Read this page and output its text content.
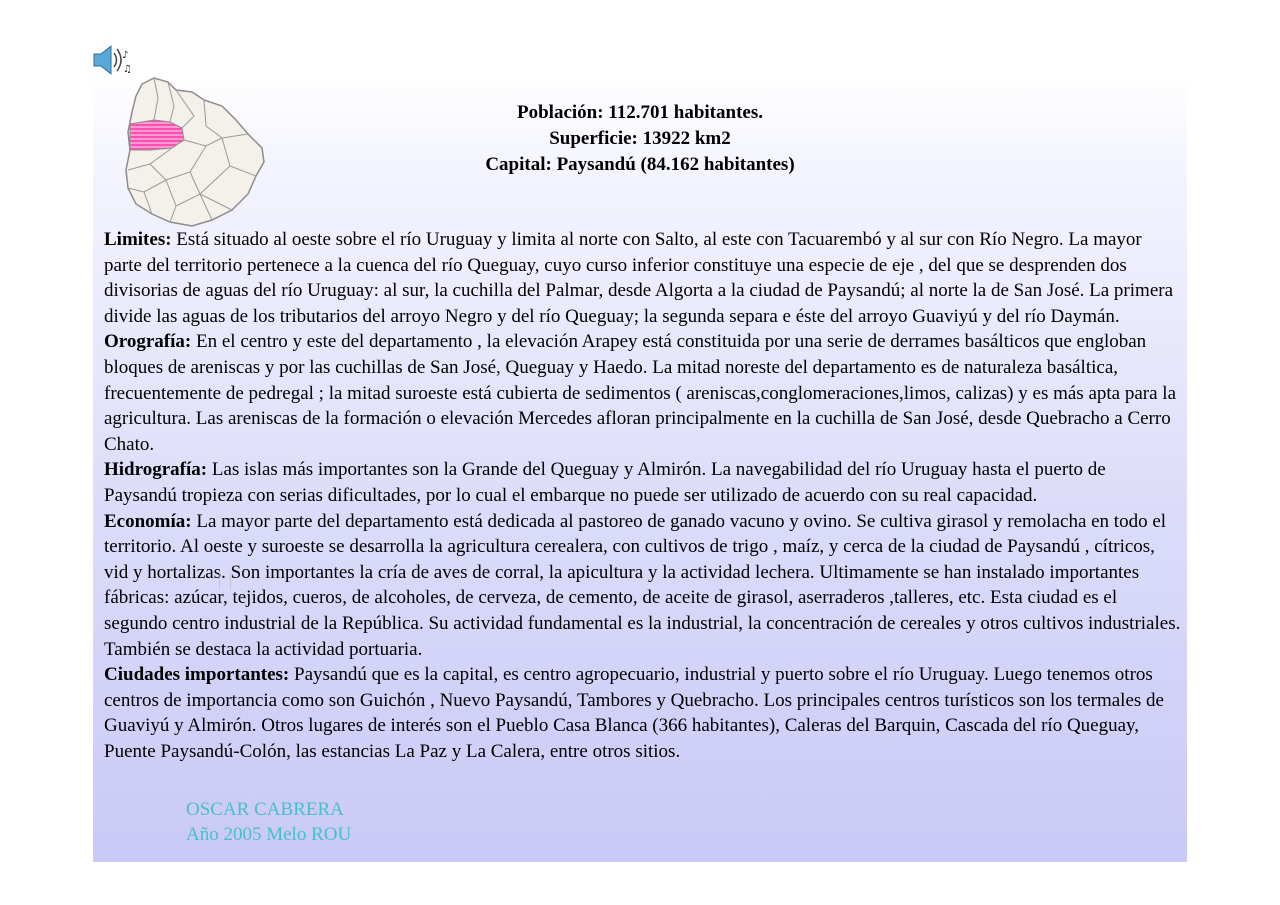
♪
♫
Población: 112.701 habitantes.
Superficie: 13922 km2
Capital: Paysandú (84.162 habitantes)

Limites: Está situado al oeste sobre el río Uruguay y limita al norte con Salto, al este con Tacuarembó y al sur con Río Negro. La mayor parte del territorio pertenece a la cuenca del río Queguay, cuyo curso inferior constituye una especie de eje , del que se desprenden dos divisorias de aguas del río Uruguay: al sur, la cuchilla del Palmar, desde Algorta a la ciudad de Paysandú; al norte la de San José. La primera divide las aguas de los tributarios del arroyo Negro y del río Queguay; la segunda separa e éste del arroyo Guaviyú y del río Daymán.

Orografía: En el centro y este del departamento , la elevación Arapey está constituida por una serie de derrames basálticos que engloban bloques de areniscas y por las cuchillas de San José, Queguay y Haedo. La mitad noreste del departamento es de naturaleza basáltica, frecuentemente de pedregal ; la mitad suroeste está cubierta de sedimentos ( areniscas,conglomeraciones,limos, calizas) y es más apta para la agricultura. Las areniscas de la formación o elevación Mercedes afloran principalmente en la cuchilla de San José, desde Quebracho a Cerro Chato.

Hidrografía: Las islas más importantes son la Grande del Queguay y Almirón. La navegabilidad del río Uruguay hasta el puerto de Paysandú tropieza con serias dificultades, por lo cual el embarque no puede ser utilizado de acuerdo con su real capacidad.

Economía: La mayor parte del departamento está dedicada al pastoreo de ganado vacuno y ovino. Se cultiva girasol y remolacha en todo el territorio. Al oeste y suroeste se desarrolla la agricultura cerealera, con cultivos de trigo , maíz, y cerca de la ciudad de Paysandú , cítricos, vid y hortalizas. Son importantes la cría de aves de corral, la apicultura y la actividad lechera. Ultimamente se han instalado importantes fábricas: azúcar, tejidos, cueros, de alcoholes, de cerveza, de cemento, de aceite de girasol, aserraderos ,talleres, etc. Esta ciudad es el segundo centro industrial de la República. Su actividad fundamental es la industrial, la concentración de cereales y otros cultivos industriales. También se destaca la actividad portuaria.

Ciudades importantes: Paysandú que es la capital, es centro agropecuario, industrial y puerto sobre el río Uruguay. Luego tenemos otros centros de importancia como son Guichón , Nuevo Paysandú, Tambores y Quebracho. Los principales centros turísticos son los termales de Guaviyú y Almirón. Otros lugares de interés son el Pueblo Casa Blanca (366 habitantes), Caleras del Barquin, Cascada del río Queguay, Puente Paysandú-Colón, las estancias La Paz y La Calera, entre otros sitios.

OSCAR CABRERA
Año 2005 Melo ROU
